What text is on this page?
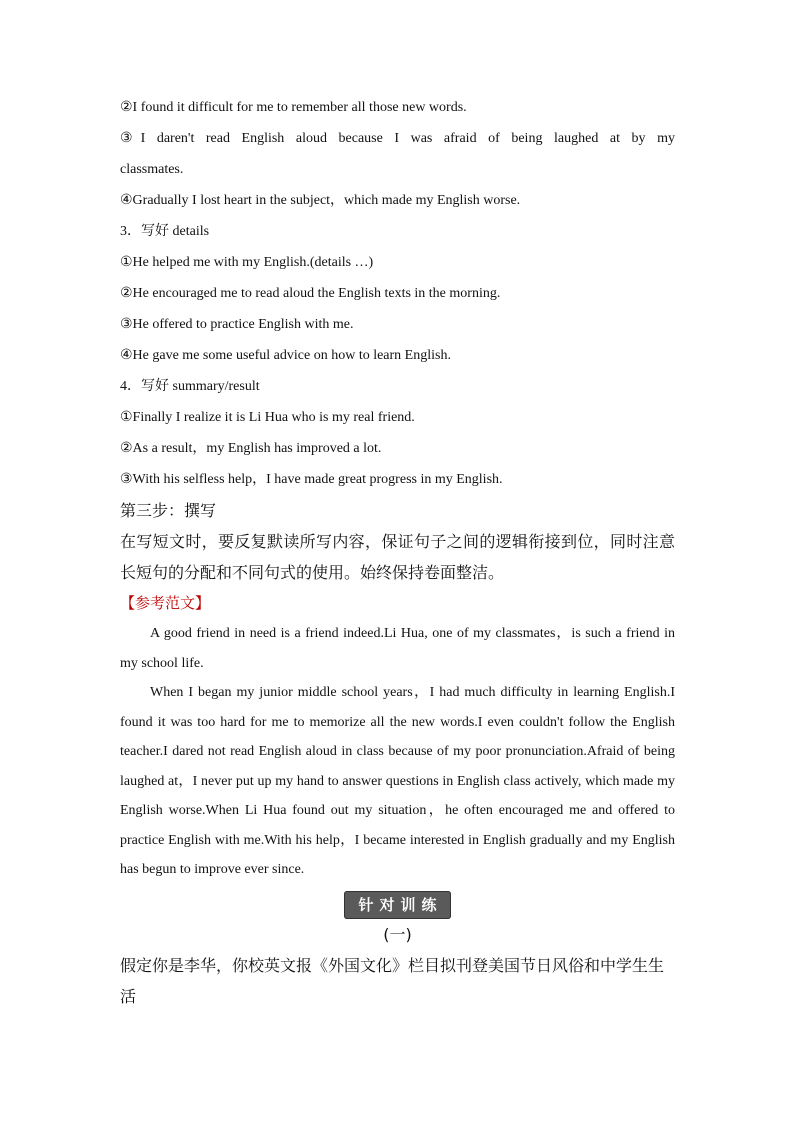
②I found it difficult for me to remember all those new words.
③I daren't read English aloud because I was afraid of being laughed at by my
classmates.
④Gradually I lost heart in the subject，which made my English worse.
3．写好 details
①He helped me with my English.(details …)
②He encouraged me to read aloud the English texts in the morning.
③He offered to practice English with me.
④He gave me some useful advice on how to learn English.
4．写好 summary/result
①Finally I realize it is Li Hua who is my real friend.
②As a result，my English has improved a lot.
③With his selfless help，I have made great progress in my English.
第三步：撰写
在写短文时，要反复默读所写内容，保证句子之间的逻辑衔接到位，同时注意长短句的分配和不同句式的使用。始终保持卷面整洁。
【参考范文】

A good friend in need is a friend indeed.Li Hua, one of my classmates，is such a friend in my school life.

When I began my junior middle school years，I had much difficulty in learning English.I found it was too hard for me to memorize all the new words.I even couldn't follow the English teacher.I dared not read English aloud in class because of my poor pronunciation.Afraid of being laughed at，I never put up my hand to answer questions in English class actively, which made my English worse.When Li Hua found out my situation，he often encouraged me and offered to practice English with me.With his help，I became interested in English gradually and my English has begun to improve ever since.

针对训练
(一)
假定你是李华，你校英文报《外国文化》栏目拟刊登美国节日风俗和中学生生活
